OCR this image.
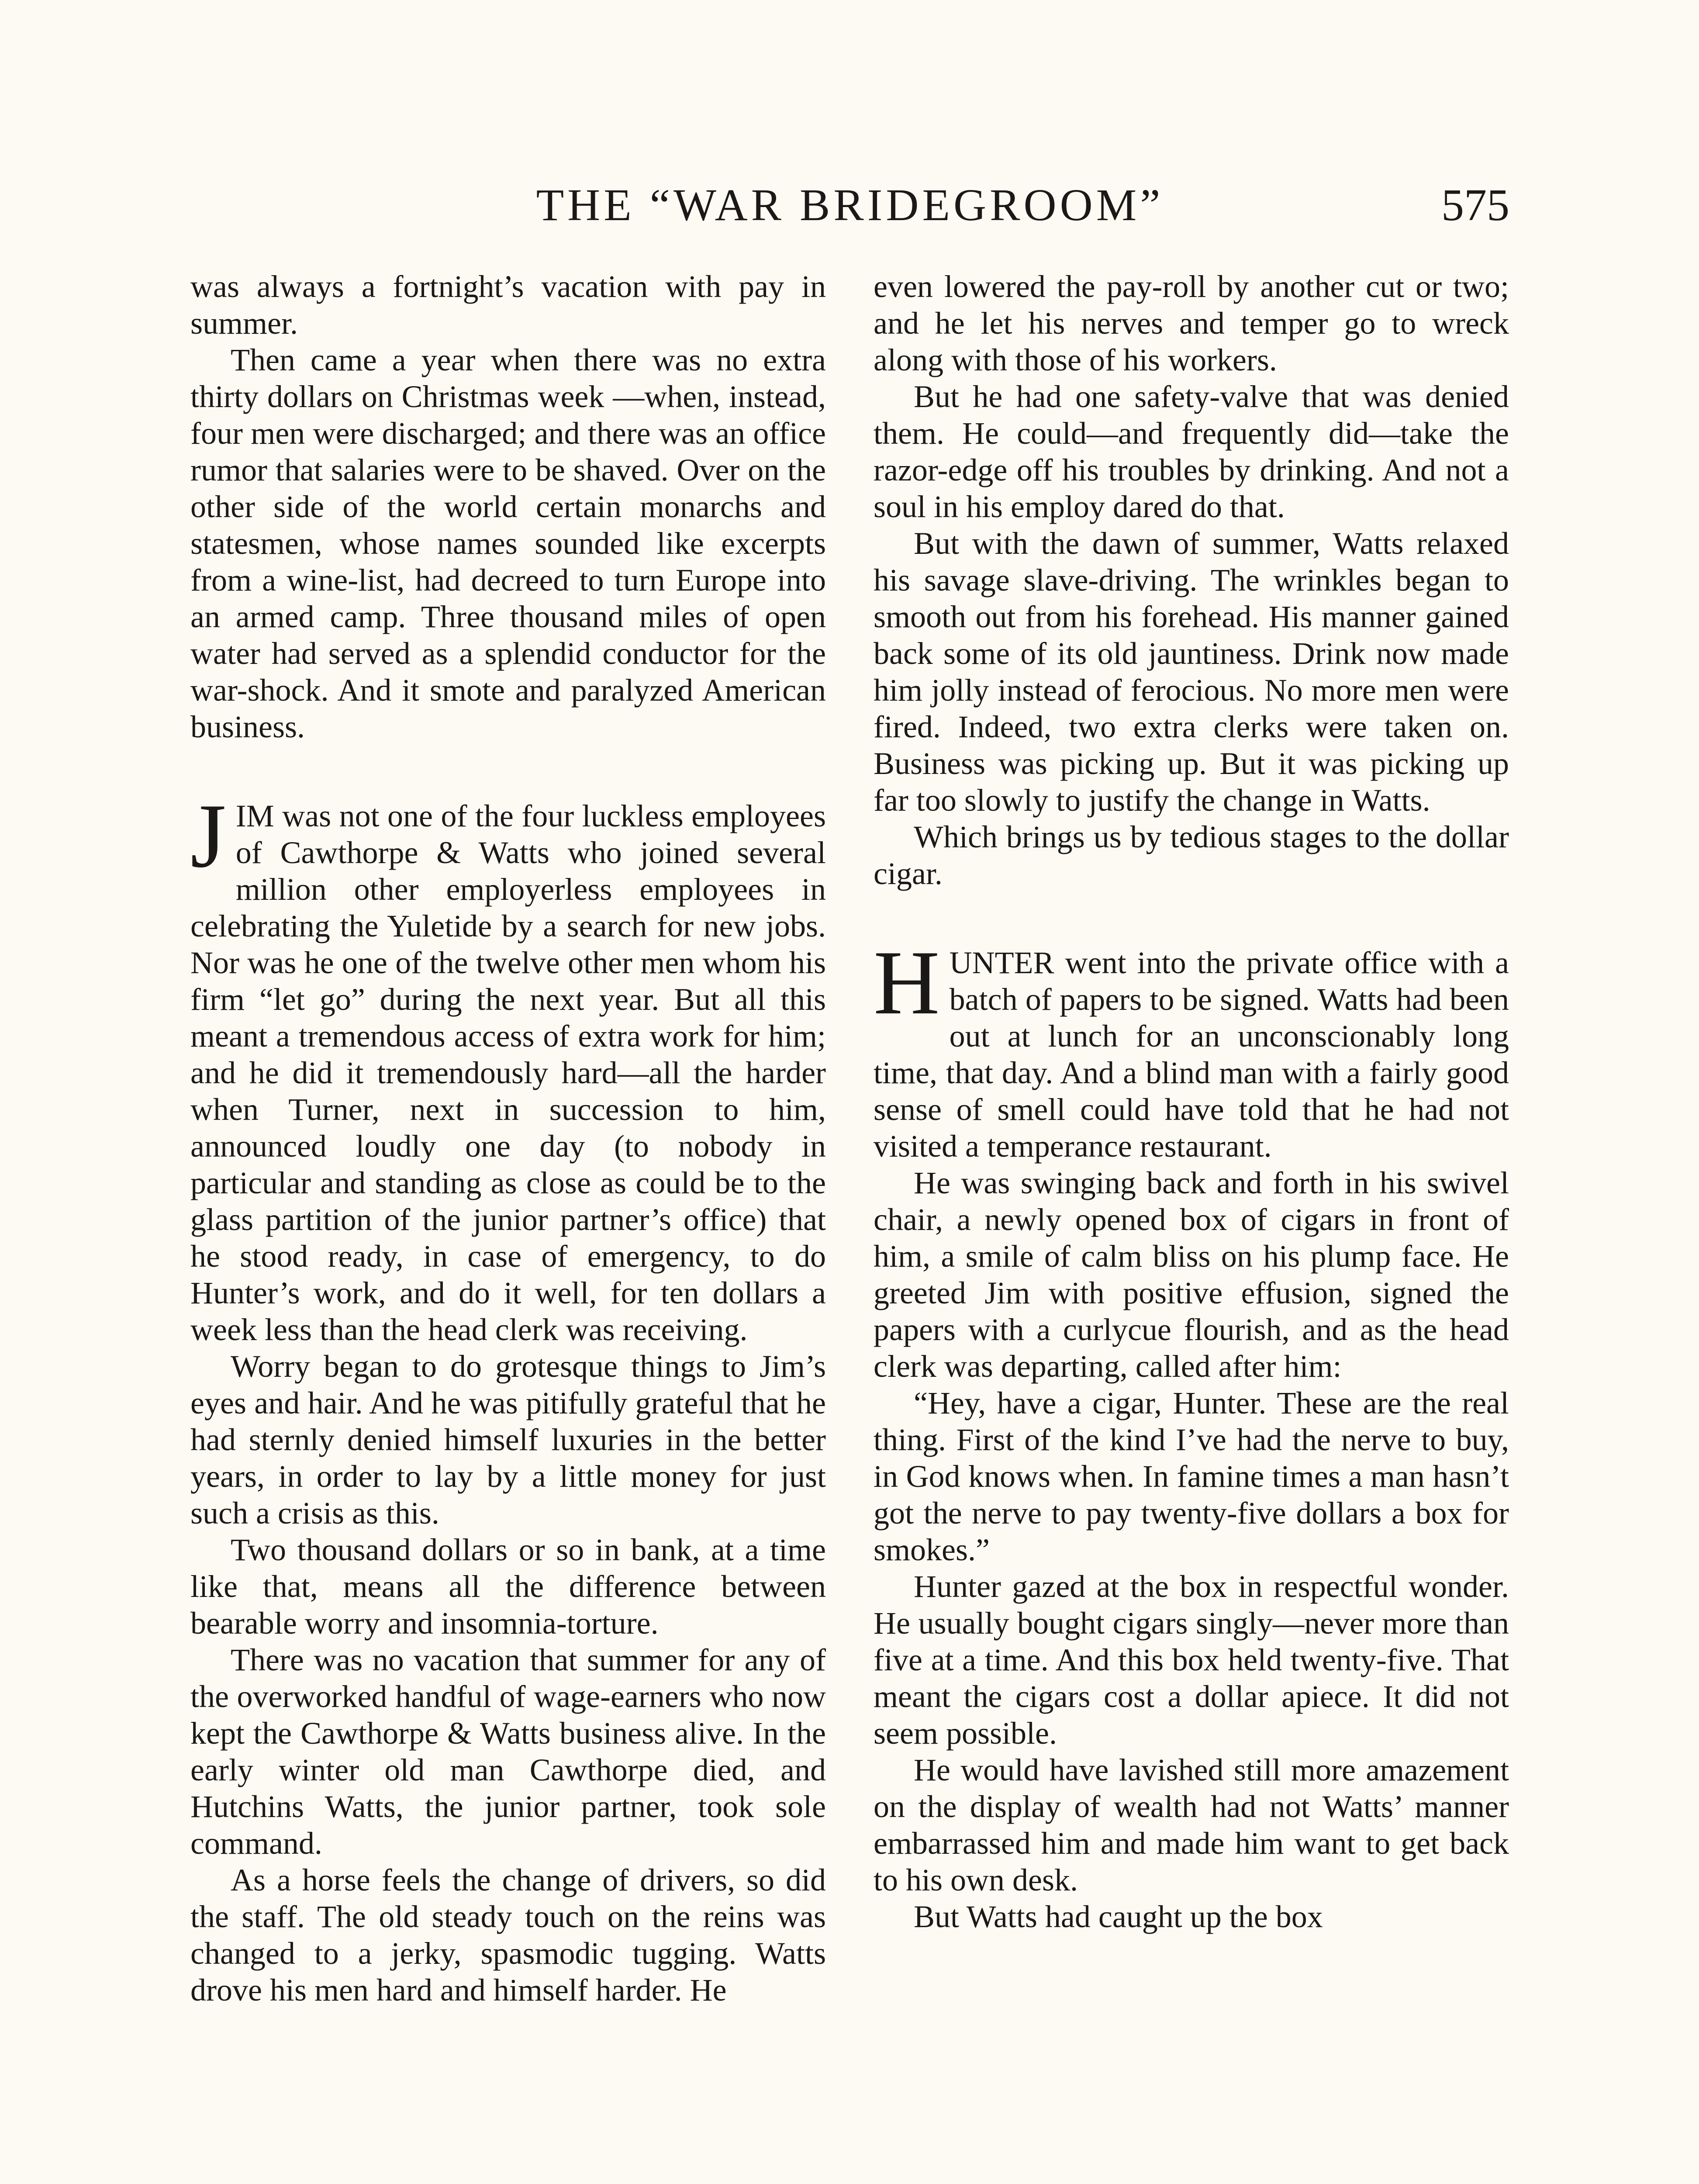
THE “WAR BRIDEGROOM”	575

was always a fortnight’s vacation with pay in summer.

Then came a year when there was no extra thirty dollars on Christmas week —when, instead, four men were discharged; and there was an office rumor that salaries were to be shaved. Over on the other side of the world certain monarchs and statesmen, whose names sounded like excerpts from a wine-list, had decreed to turn Europe into an armed camp. Three thousand miles of open water had served as a splendid conductor for the war-shock. And it smote and paralyzed American business.

JIM was not one of the four luckless employees of Cawthorpe & Watts who joined several million other employerless employees in celebrating the Yuletide by a search for new jobs. Nor was he one of the twelve other men whom his firm “let go” during the next year. But all this meant a tremendous access of extra work for him; and he did it tremendously hard—all the harder when Turner, next in succession to him, announced loudly one day (to nobody in particular and standing as close as could be to the glass partition of the junior partner’s office) that he stood ready, in case of emergency, to do Hunter’s work, and do it well, for ten dollars a week less than the head clerk was receiving.

Worry began to do grotesque things to Jim’s eyes and hair. And he was pitifully grateful that he had sternly denied himself luxuries in the better years, in order to lay by a little money for just such a crisis as this.

Two thousand dollars or so in bank, at a time like that, means all the difference between bearable worry and insomnia-torture.

There was no vacation that summer for any of the overworked handful of wage-earners who now kept the Cawthorpe & Watts business alive. In the early winter old man Cawthorpe died, and Hutchins Watts, the junior partner, took sole command.

As a horse feels the change of drivers, so did the staff. The old steady touch on the reins was changed to a jerky, spasmodic tugging. Watts drove his men hard and himself harder. He

even lowered the pay-roll by another cut or two; and he let his nerves and temper go to wreck along with those of his workers.

But he had one safety-valve that was denied them. He could—and frequently did—take the razor-edge off his troubles by drinking. And not a soul in his employ dared do that.

But with the dawn of summer, Watts relaxed his savage slave-driving. The wrinkles began to smooth out from his forehead. His manner gained back some of its old jauntiness. Drink now made him jolly instead of ferocious. No more men were fired. Indeed, two extra clerks were taken on. Business was picking up. But it was picking up far too slowly to justify the change in Watts.

Which brings us by tedious stages to the dollar cigar.

HUNTER went into the private office with a batch of papers to be signed. Watts had been out at lunch for an unconscionably long time, that day. And a blind man with a fairly good sense of smell could have told that he had not visited a temperance restaurant.

He was swinging back and forth in his swivel chair, a newly opened box of cigars in front of him, a smile of calm bliss on his plump face. He greeted Jim with positive effusion, signed the papers with a curlycue flourish, and as the head clerk was departing, called after him:

“Hey, have a cigar, Hunter. These are the real thing. First of the kind I’ve had the nerve to buy, in God knows when. In famine times a man hasn’t got the nerve to pay twenty-five dollars a box for smokes.”

Hunter gazed at the box in respectful wonder. He usually bought cigars singly—never more than five at a time. And this box held twenty-five. That meant the cigars cost a dollar apiece. It did not seem possible.

He would have lavished still more amazement on the display of wealth had not Watts’ manner embarrassed him and made him want to get back to his own desk.

But Watts had caught up the box
